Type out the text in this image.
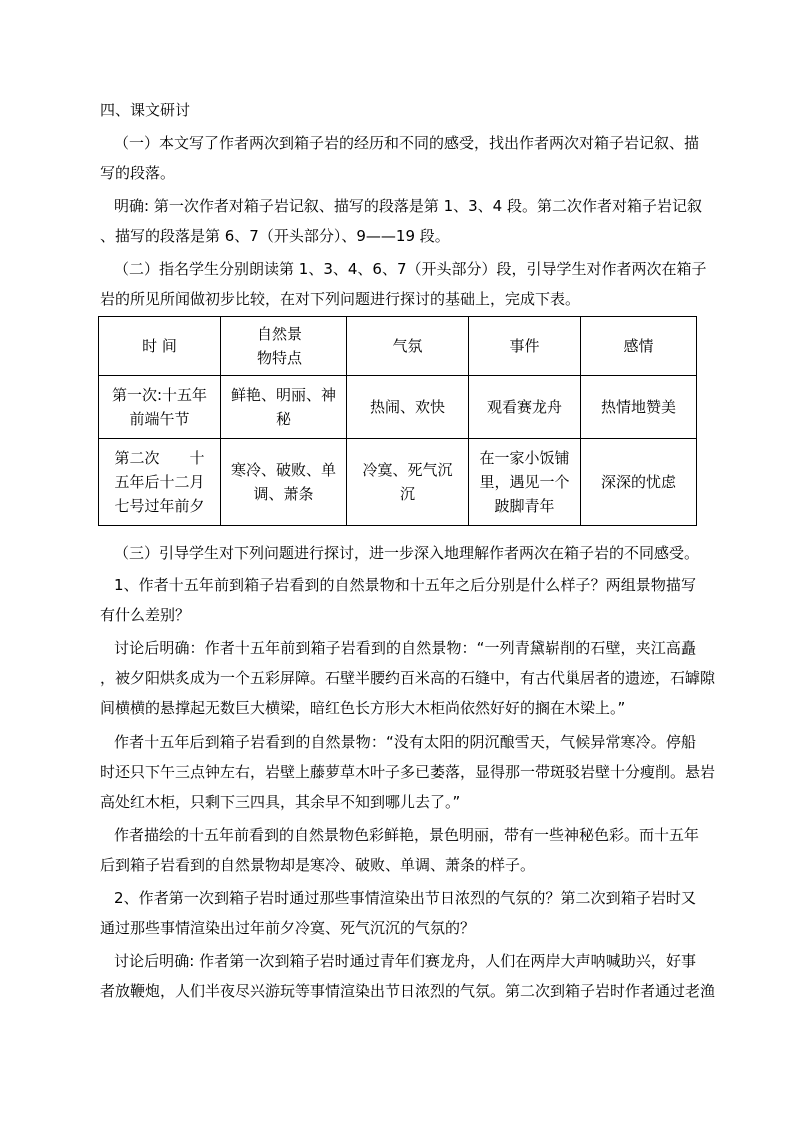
四、课文研讨

（一）本文写了作者两次到箱子岩的经历和不同的感受，找出作者两次对箱子岩记叙、描

写的段落。

明确: 第一次作者对箱子岩记叙、描写的段落是第 1、3、4 段。第二次作者对箱子岩记叙

、描写的段落是第 6、7（开头部分）、9——19 段。

（二）指名学生分别朗读第 1、3、4、6、7（开头部分）段，引导学生对作者两次在箱子

岩的所见所闻做初步比较，在对下列问题进行探讨的基础上，完成下表。

时 间	自然景
物特点	气氛	事件	感情
第一次:十五年
前端午节	鲜艳、明丽、神
秘	热闹、欢快	观看赛龙舟	热情地赞美
第二次　　十
五年后十二月
七号过年前夕	寒冷、破败、单
调、萧条	冷寞、死气沉
沉	在一家小饭铺
里，遇见一个
跛脚青年	深深的忧虑

（三）引导学生对下列问题进行探讨，进一步深入地理解作者两次在箱子岩的不同感受。

1、作者十五年前到箱子岩看到的自然景物和十五年之后分别是什么样子？两组景物描写

有什么差别？

讨论后明确：作者十五年前到箱子岩看到的自然景物：“一列青黛崭削的石壁，夹江高矗

，被夕阳烘炙成为一个五彩屏障。石壁半腰约百米高的石缝中，有古代巢居者的遗迹，石罅隙

间横横的悬撑起无数巨大横梁，暗红色长方形大木柜尚依然好好的搁在木梁上。”

作者十五年后到箱子岩看到的自然景物：“没有太阳的阴沉酿雪天，气候异常寒冷。停船

时还只下午三点钟左右，岩壁上藤萝草木叶子多已萎落，显得那一带斑驳岩壁十分瘦削。悬岩

高处红木柜，只剩下三四具，其余早不知到哪儿去了。”

作者描绘的十五年前看到的自然景物色彩鲜艳，景色明丽，带有一些神秘色彩。而十五年

后到箱子岩看到的自然景物却是寒冷、破败、单调、萧条的样子。

2、作者第一次到箱子岩时通过那些事情渲染出节日浓烈的气氛的？第二次到箱子岩时又

通过那些事情渲染出过年前夕冷寞、死气沉沉的气氛的？

讨论后明确: 作者第一次到箱子岩时通过青年们赛龙舟，人们在两岸大声呐喊助兴，好事

者放鞭炮，人们半夜尽兴游玩等事情渲染出节日浓烈的气氛。第二次到箱子岩时作者通过老渔
